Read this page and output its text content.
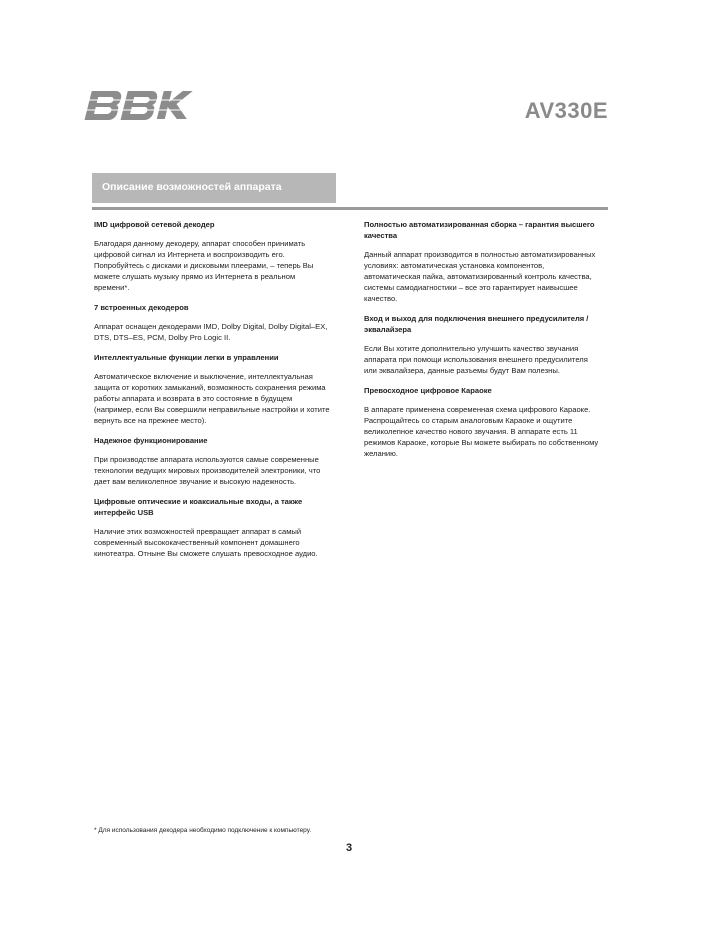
AV330E
Описание возможностей аппарата
IMD цифровой сетевой декодер
Благодаря данному декодеру, аппарат способен принимать цифровой сигнал из Интернета и воспроизводить его. Попробуйтесь с дисками и дисковыми плеерами, – теперь Вы можете слушать музыку прямо из Интернета в реальном времени*.
7 встроенных декодеров
Аппарат оснащен декодерами IMD, Dolby Digital, Dolby Digital–EX, DTS, DTS–ES, PCM, Dolby Pro Logic II.
Интеллектуальные функции легки в управлении
Автоматическое включение и выключение, интеллектуальная защита от коротких замыканий, возможность сохранения режима работы аппарата и возврата в это состояние в будущем (например, если Вы совершили неправильные настройки и хотите вернуть все на прежнее место).
Надежное функционирование
При производстве аппарата используются самые современные технологии ведущих мировых производителей электроники, что дает вам великолепное звучание и высокую надежность.
Цифровые оптические и коаксиальные входы, а также интерфейс USB
Наличие этих возможностей превращает аппарат в самый современный высококачественный компонент домашнего кинотеатра. Отныне Вы сможете слушать превосходное аудио.
Полностью автоматизированная сборка – гарантия высшего качества
Данный аппарат производится в полностью автоматизированных условиях: автоматическая установка компонентов, автоматическая пайка, автоматизированный контроль качества, системы самодиагностики – все это гарантирует наивысшее качество.
Вход и выход для подключения внешнего предусилителя / эквалайзера
Если Вы хотите дополнительно улучшить качество звучания аппарата при помощи использования внешнего предусилителя или эквалайзера, данные разъемы будут Вам полезны.
Превосходное цифровое Караоке
В аппарате применена современная схема цифрового Караоке. Распрощайтесь со старым аналоговым Караоке и ощутите великолепное качество нового звучания. В аппарате есть 11 режимов Караоке, которые Вы можете выбирать по собственному желанию.
* Для использования декодера необходимо подключение к компьютеру.
3
